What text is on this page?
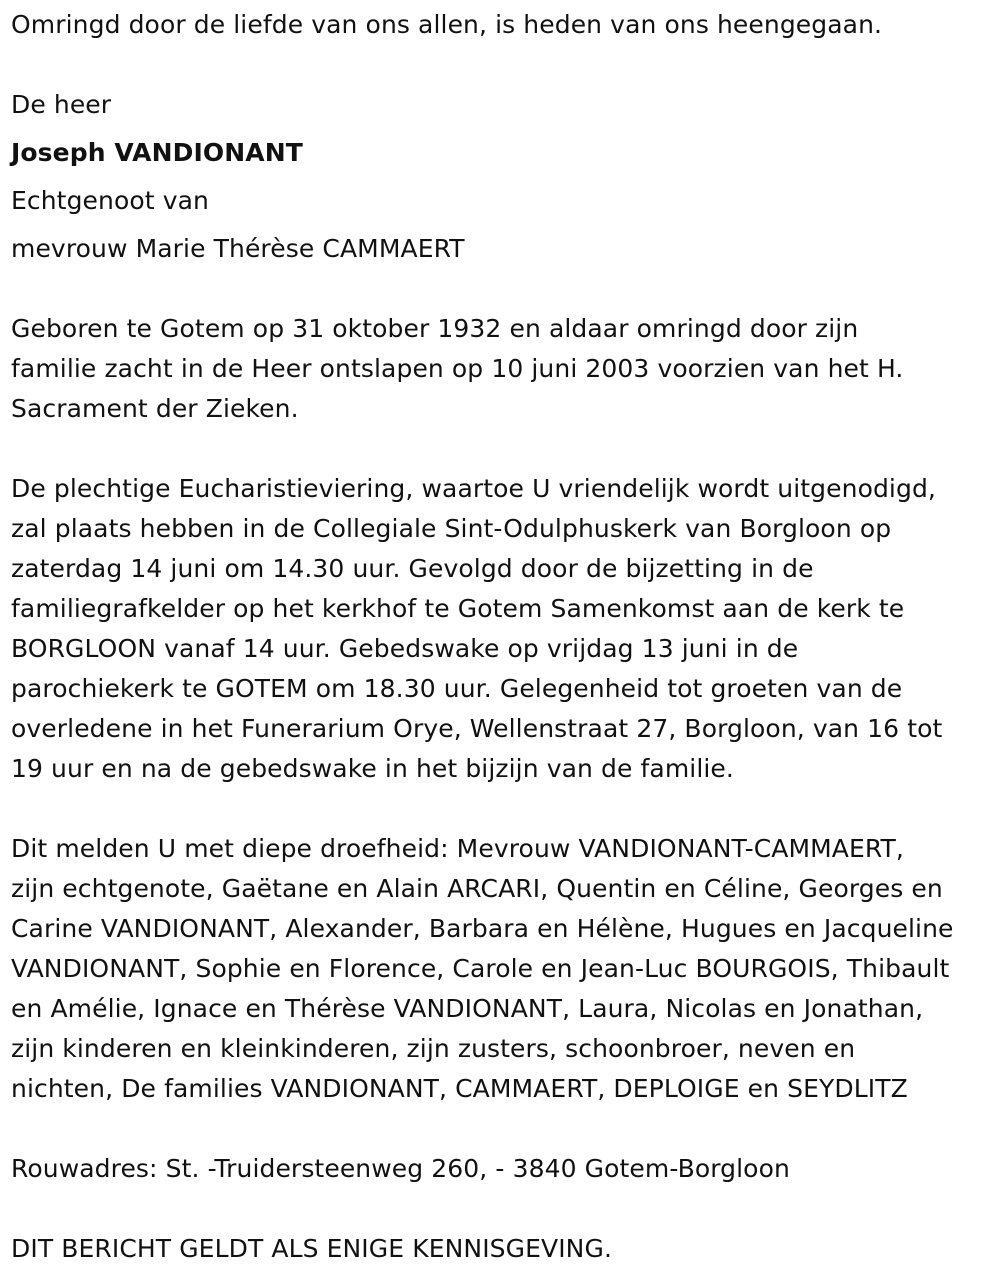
Omringd door de liefde van ons allen, is heden van ons heengegaan.

De heer

Joseph VANDIONANT

Echtgenoot van

mevrouw Marie Thérèse CAMMAERT

Geboren te Gotem op 31 oktober 1932 en aldaar omringd door zijn
familie zacht in de Heer ontslapen op 10 juni 2003 voorzien van het H.
Sacrament der Zieken.
De plechtige Eucharistieviering, waartoe U vriendelijk wordt uitgenodigd,
zal plaats hebben in de Collegiale Sint-Odulphuskerk van Borgloon op
zaterdag 14 juni om 14.30 uur. Gevolgd door de bijzetting in de
familiegrafkelder op het kerkhof te Gotem Samenkomst aan de kerk te
BORGLOON vanaf 14 uur. Gebedswake op vrijdag 13 juni in de
parochiekerk te GOTEM om 18.30 uur. Gelegenheid tot groeten van de
overledene in het Funerarium Orye, Wellenstraat 27, Borgloon, van 16 tot
19 uur en na de gebedswake in het bijzijn van de familie.
Dit melden U met diepe droefheid: Mevrouw VANDIONANT-CAMMAERT,
zijn echtgenote, Gaëtane en Alain ARCARI, Quentin en Céline, Georges en
Carine VANDIONANT, Alexander, Barbara en Hélène, Hugues en Jacqueline
VANDIONANT, Sophie en Florence, Carole en Jean-Luc BOURGOIS, Thibault
en Amélie, Ignace en Thérèse VANDIONANT, Laura, Nicolas en Jonathan,
zijn kinderen en kleinkinderen, zijn zusters, schoonbroer, neven en
nichten, De families VANDIONANT, CAMMAERT, DEPLOIGE en SEYDLITZ

Rouwadres: St. -Truidersteenweg 260, - 3840 Gotem-Borgloon

DIT BERICHT GELDT ALS ENIGE KENNISGEVING.
